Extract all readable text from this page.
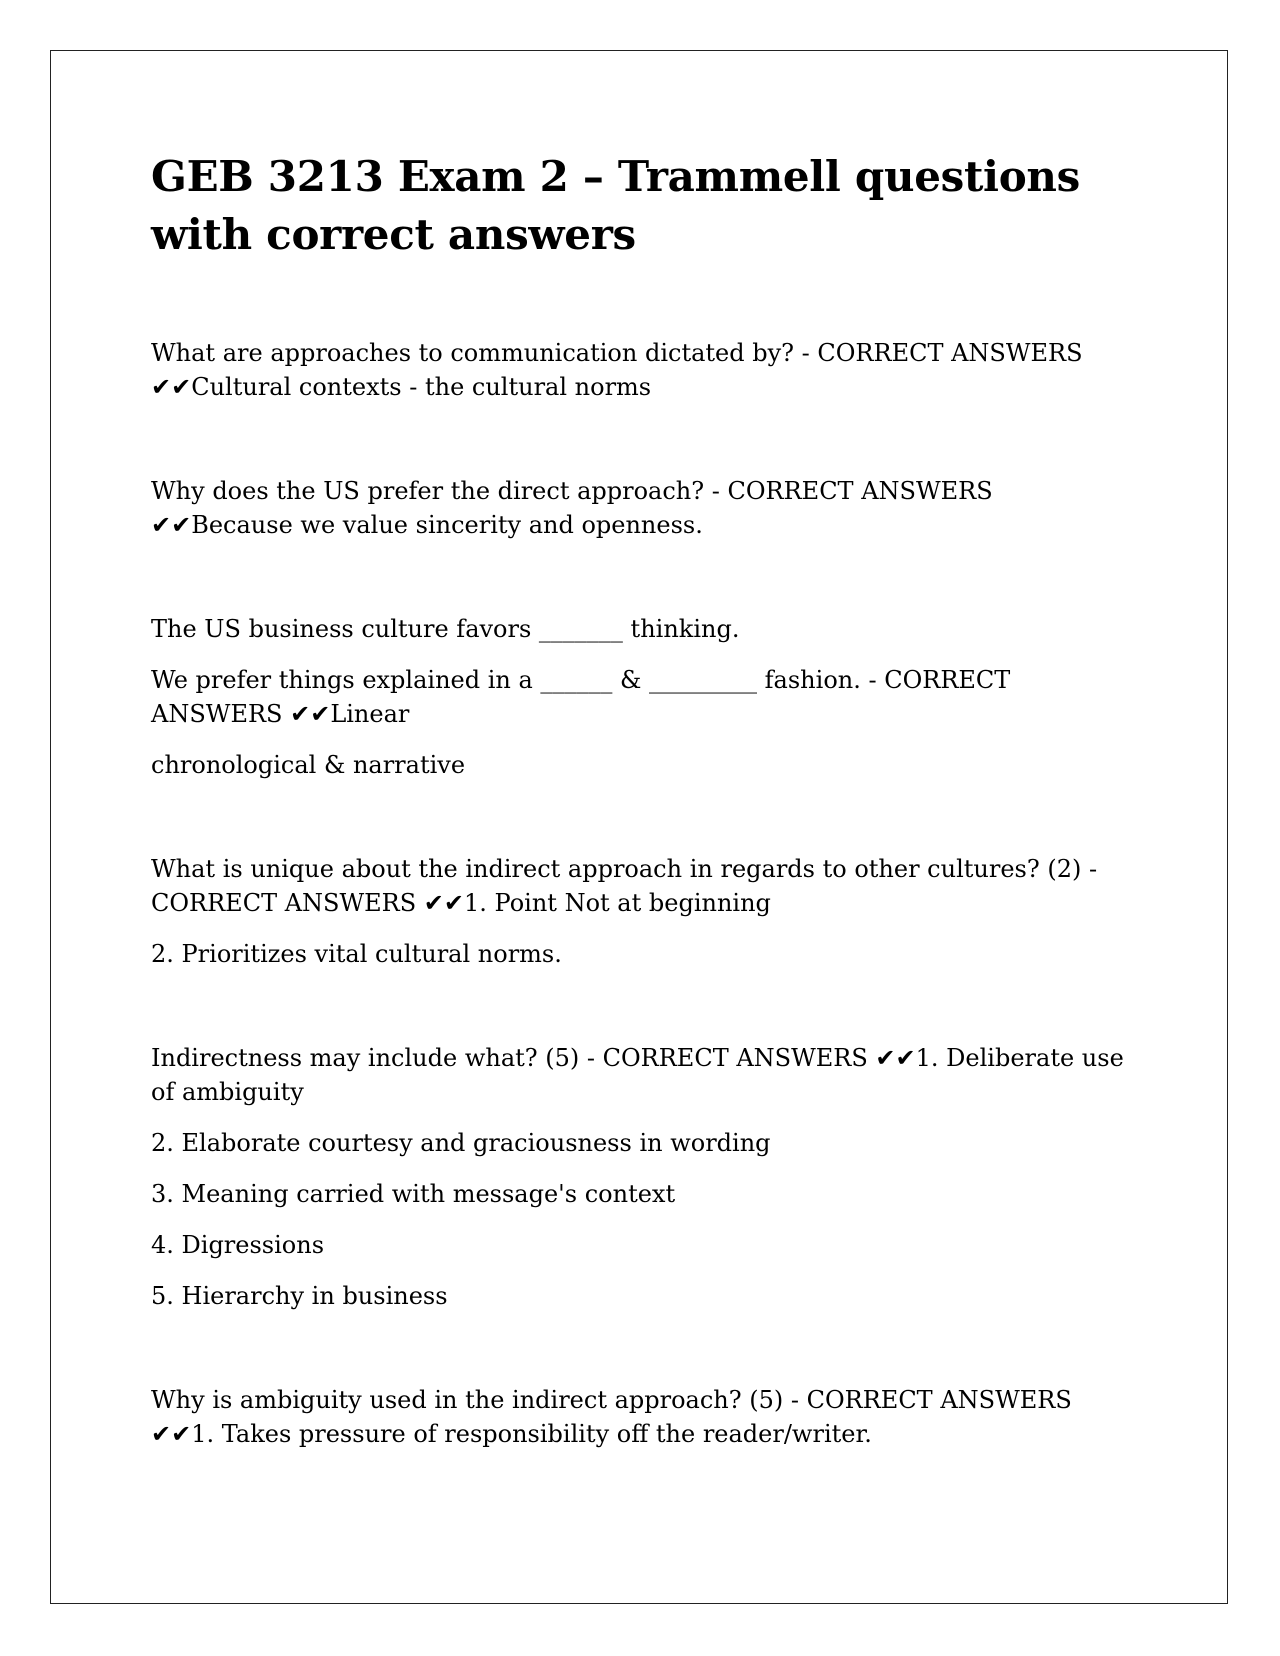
GEB 3213 Exam 2 – Trammell questions with correct answers

What are approaches to communication dictated by? - CORRECT ANSWERS ✔✔Cultural contexts - the cultural norms

Why does the US prefer the direct approach? - CORRECT ANSWERS ✔✔Because we value sincerity and openness.

The US business culture favors _______ thinking.

We prefer things explained in a ______ & _________ fashion. - CORRECT ANSWERS ✔✔Linear

chronological & narrative

What is unique about the indirect approach in regards to other cultures? (2) - CORRECT ANSWERS ✔✔1. Point Not at beginning

2. Prioritizes vital cultural norms.

Indirectness may include what? (5) - CORRECT ANSWERS ✔✔1. Deliberate use of ambiguity

2. Elaborate courtesy and graciousness in wording

3. Meaning carried with message's context

4. Digressions

5. Hierarchy in business

Why is ambiguity used in the indirect approach? (5) - CORRECT ANSWERS ✔✔1. Takes pressure of responsibility off the reader/writer.
